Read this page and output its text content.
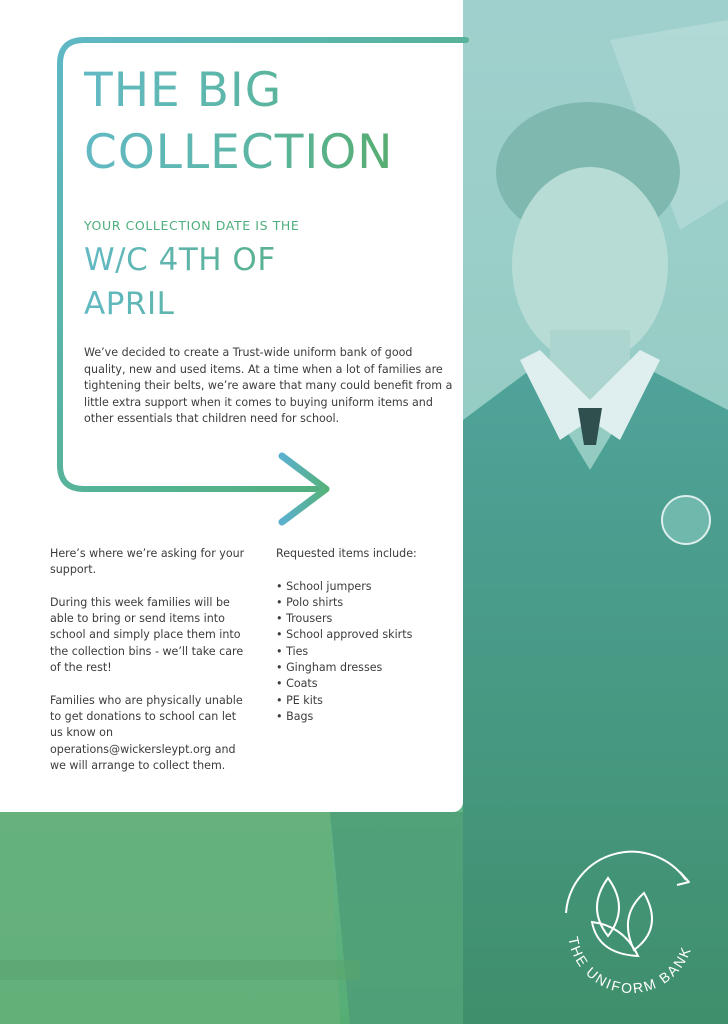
THE BIG
COLLECTION
YOUR COLLECTION DATE IS THE
W/C 4TH OF
APRIL

We’ve decided to create a Trust-wide uniform bank of good quality, new and used items. At a time when a lot of families are tightening their belts, we’re aware that many could benefit from a little extra support when it comes to buying uniform items and other essentials that children need for school.

Here’s where we’re asking for your support.

During this week families will be able to bring or send items into school and simply place them into the collection bins - we’ll take care of the rest!

Families who are physically unable to get donations to school can let us know on operations@wickersleypt.org and we will arrange to collect them.

Requested items include:

• School jumpers
• Polo shirts
• Trousers
• School approved skirts
• Ties
• Gingham dresses
• Coats
• PE kits
• Bags
THE UNIFORM BANK
